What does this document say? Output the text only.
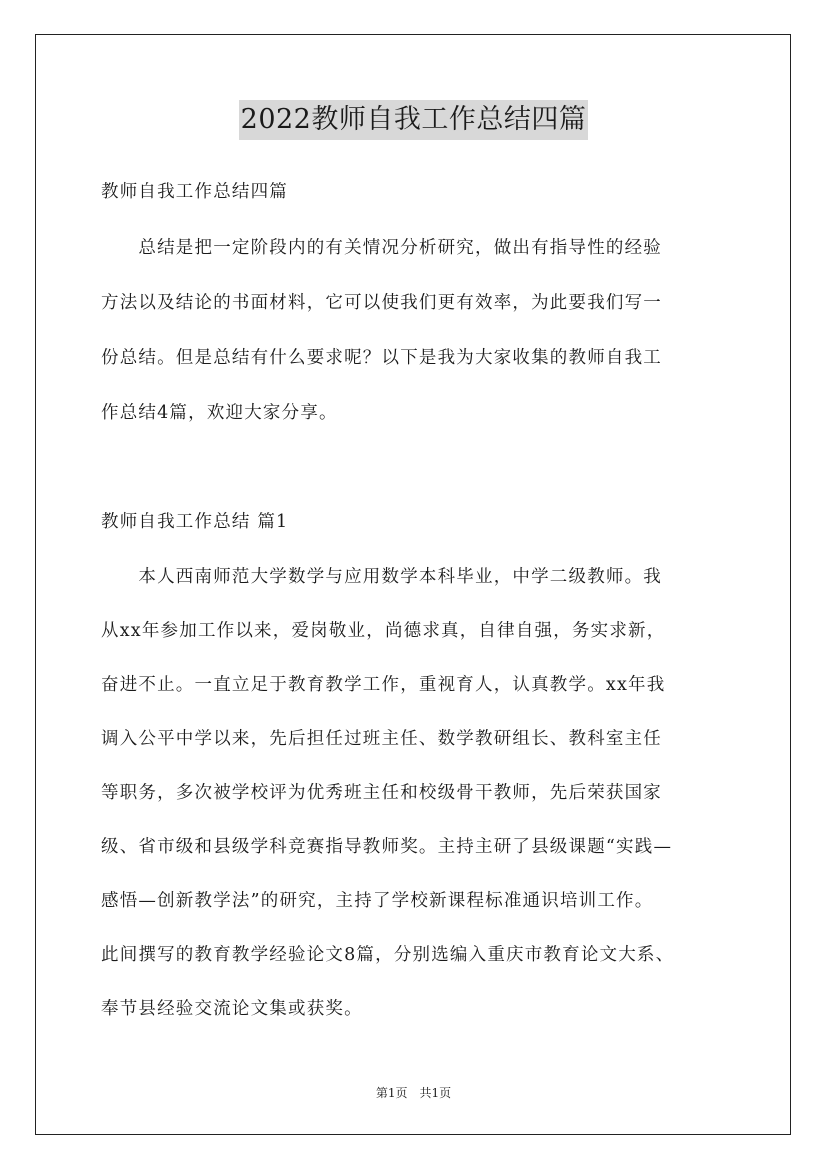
2022教师自我工作总结四篇
教师自我工作总结四篇
　　总结是把一定阶段内的有关情况分析研究，做出有指导性的经验
方法以及结论的书面材料，它可以使我们更有效率，为此要我们写一
份总结。但是总结有什么要求呢？以下是我为大家收集的教师自我工
作总结4篇，欢迎大家分享。
教师自我工作总结 篇1
　　本人西南师范大学数学与应用数学本科毕业，中学二级教师。我
从xx年参加工作以来，爱岗敬业，尚德求真，自律自强，务实求新，
奋进不止。一直立足于教育教学工作，重视育人，认真教学。xx年我
调入公平中学以来，先后担任过班主任、数学教研组长、教科室主任
等职务，多次被学校评为优秀班主任和校级骨干教师，先后荣获国家
级、省市级和县级学科竞赛指导教师奖。主持主研了县级课题“实践—
感悟—创新教学法”的研究，主持了学校新课程标准通识培训工作。
此间撰写的教育教学经验论文8篇，分别选编入重庆市教育论文大系、
奉节县经验交流论文集或获奖。
第1页　共1页
